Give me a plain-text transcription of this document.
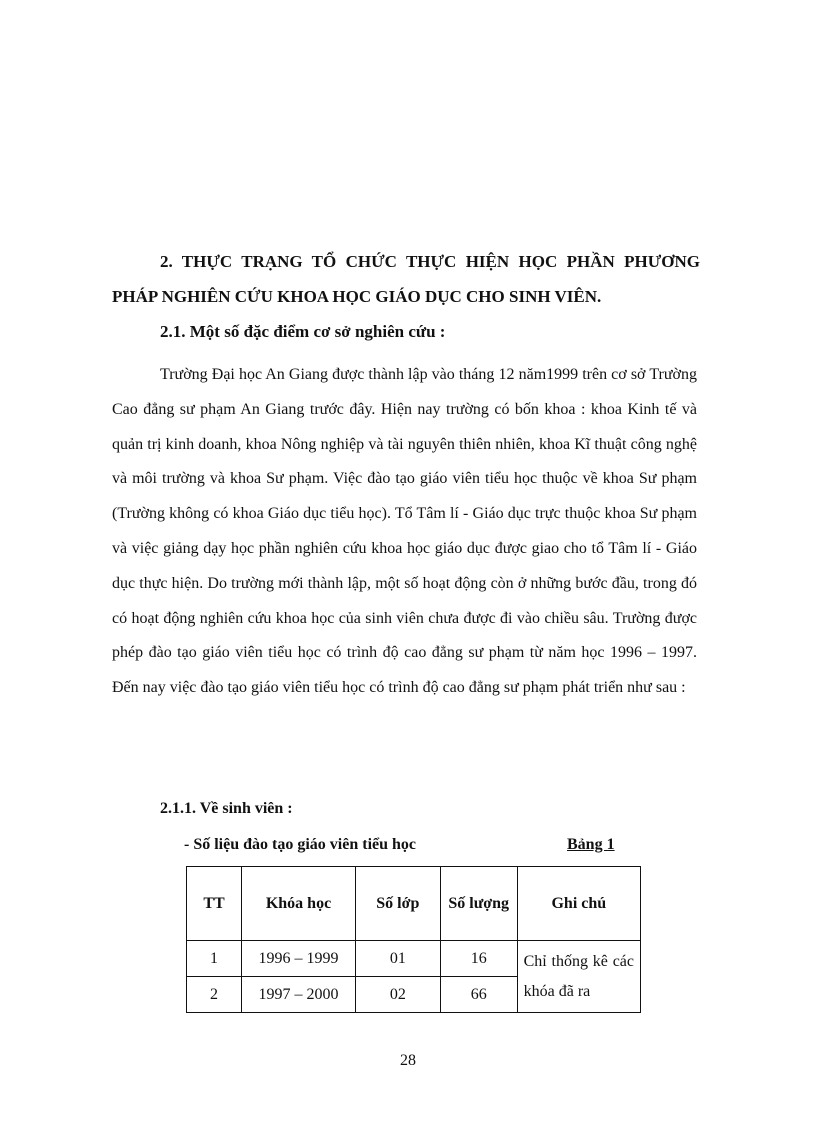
2. THỰC TRẠNG TỔ CHỨC THỰC HIỆN HỌC PHẦN PHƯƠNG
PHÁP NGHIÊN CỨU KHOA HỌC GIÁO DỤC CHO SINH VIÊN.
2.1. Một số đặc điểm cơ sở nghiên cứu :
Trường Đại học An Giang được thành lập vào tháng 12 năm1999 trên cơ sở Trường Cao đẳng sư phạm An Giang trước đây. Hiện nay trường có bốn khoa : khoa Kinh tế và quản trị kinh doanh, khoa Nông nghiệp và tài nguyên thiên nhiên, khoa Kĩ thuật công nghệ và môi trường và khoa Sư phạm. Việc đào tạo giáo viên tiểu học thuộc về khoa Sư phạm (Trường không có khoa Giáo dục tiểu học). Tổ Tâm lí - Giáo dục trực thuộc khoa Sư phạm và việc giảng dạy học phần nghiên cứu khoa học giáo dục được giao cho tổ Tâm lí - Giáo dục thực hiện. Do trường mới thành lập, một số hoạt động còn ở những bước đầu, trong đó có hoạt động nghiên cứu khoa học của sinh viên chưa được đi vào chiều sâu. Trường được phép đào tạo giáo viên tiểu học có trình độ cao đẳng sư phạm từ năm học 1996 – 1997. Đến nay việc đào tạo giáo viên tiểu học có trình độ cao đẳng sư phạm phát triển như sau :
2.1.1. Về sinh viên :
- Số liệu đào tạo giáo viên tiểu học	Bảng 1
TT	Khóa học	Số lớp	Số lượng	Ghi chú
1	1996 – 1999	01	16	Chỉ thống kê các khóa đã ra
2	1997 – 2000	02	66	
28
